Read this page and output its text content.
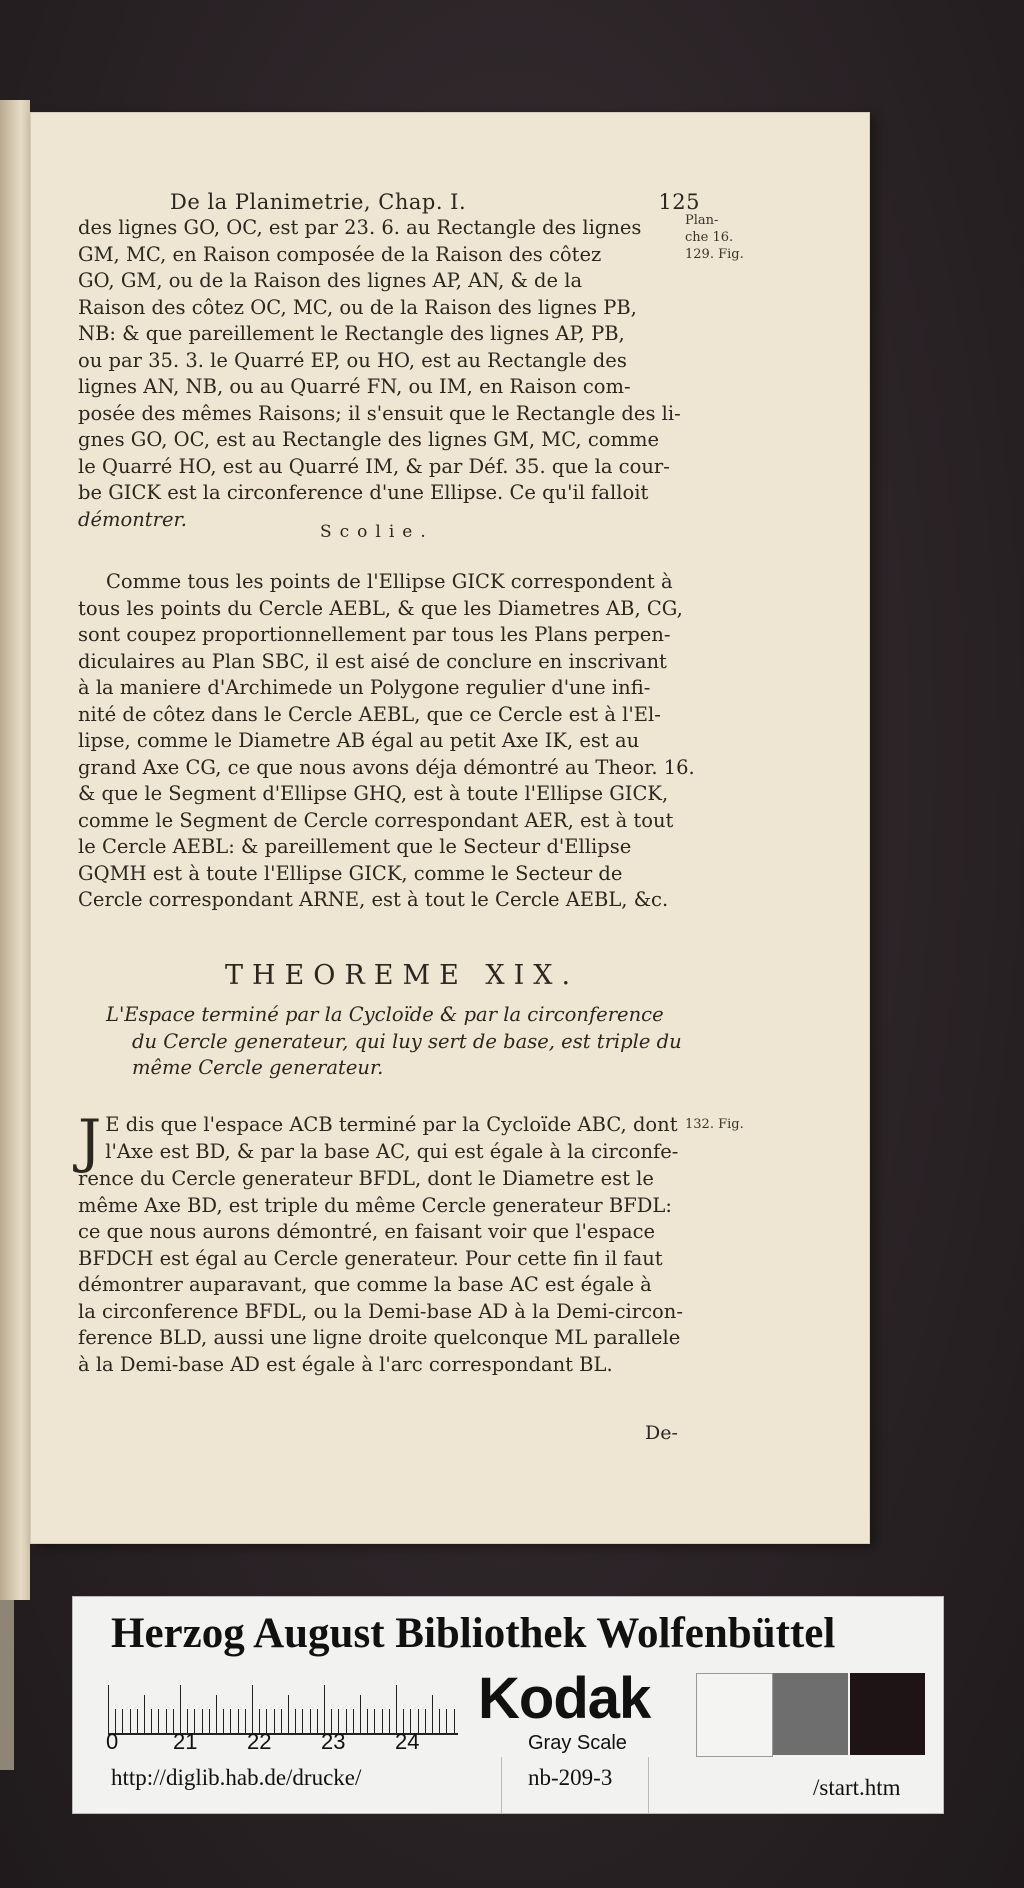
De la Planimetrie, Chap. I.	125
Plan-
che 16.
129. Fig.
des lignes GO, OC, est par 23. 6. au Rectangle des lignes
GM, MC, en Raison composée de la Raison des côtez
GO, GM, ou de la Raison des lignes AP, AN, & de la
Raison des côtez OC, MC, ou de la Raison des lignes PB,
NB: & que pareillement le Rectangle des lignes AP, PB,
ou par 35. 3. le Quarré EP, ou HO, est au Rectangle des
lignes AN, NB, ou au Quarré FN, ou IM, en Raison com-
posée des mêmes Raisons; il s'ensuit que le Rectangle des li-
gnes GO, OC, est au Rectangle des lignes GM, MC, comme
le Quarré HO, est au Quarré IM, & par Déf. 35. que la cour-
be GICK est la circonference d'une Ellipse. Ce qu'il falloit
démontrer.
Scolie.
Comme tous les points de l'Ellipse GICK correspondent à
tous les points du Cercle AEBL, & que les Diametres AB, CG,
sont coupez proportionnellement par tous les Plans perpen-
diculaires au Plan SBC, il est aisé de conclure en inscrivant
à la maniere d'Archimede un Polygone regulier d'une infi-
nité de côtez dans le Cercle AEBL, que ce Cercle est à l'El-
lipse, comme le Diametre AB égal au petit Axe IK, est au
grand Axe CG, ce que nous avons déja démontré au Theor. 16.
& que le Segment d'Ellipse GHQ, est à toute l'Ellipse GICK,
comme le Segment de Cercle correspondant AER, est à tout
le Cercle AEBL: & pareillement que le Secteur d'Ellipse
GQMH est à toute l'Ellipse GICK, comme le Secteur de
Cercle correspondant ARNE, est à tout le Cercle AEBL, &c.
THEOREME XIX.
L'Espace terminé par la Cycloïde & par la circonference
du Cercle generateur, qui luy sert de base, est triple du
même Cercle generateur.
132. Fig.
J E dis que l'espace ACB terminé par la Cycloïde ABC, dont
l'Axe est BD, & par la base AC, qui est égale à la circonfe-
rence du Cercle generateur BFDL, dont le Diametre est le
même Axe BD, est triple du même Cercle generateur BFDL:
ce que nous aurons démontré, en faisant voir que l'espace
BFDCH est égal au Cercle generateur. Pour cette fin il faut
démontrer auparavant, que comme la base AC est égale à
la circonference BFDL, ou la Demi-base AD à la Demi-circon-
ference BLD, aussi une ligne droite quelconque ML parallele
à la Demi-base AD est égale à l'arc correspondant BL.
De-
Herzog August Bibliothek Wolfenbüttel
0 21 22 23 24
Kodak
Gray Scale
http://diglib.hab.de/drucke/	nb-209-3	/start.htm
